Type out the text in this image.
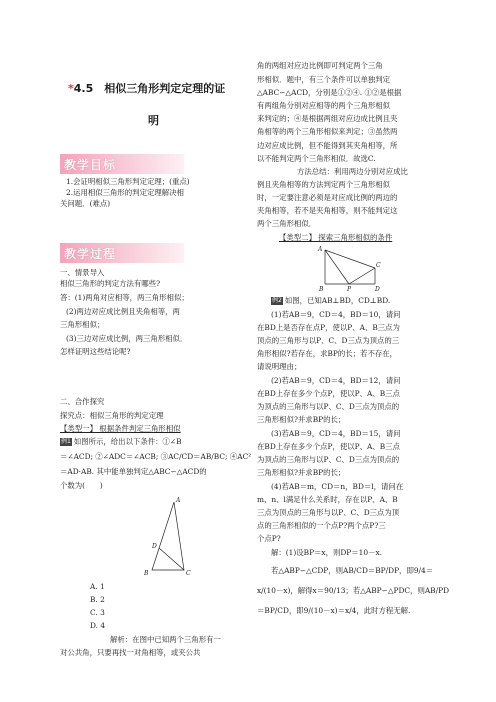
*4.5　相似三角形判定定理的证
明
教学目标
1.会证明相似三角形判定定理；(重点)
2.运用相似三角形的判定定理解决相
关问题．(难点)
教学过程
一、情景导入
相似三角形的判定方法有哪些?
答：(1)两角对应相等，两三角形相似；
(2)两边对应成比例且夹角相等，两
三角形相似；
(3)三边对应成比例，两三角形相似．
怎样证明这些结论呢?
二、合作探究
探究点：相似三角形的判定定理
【类型一】 根据条件判定三角形相似
例1 如图所示，给出以下条件：①∠B
＝∠ACD; ②∠ADC＝∠ACB; ③AC/CD＝AB/BC; ④AC²
＝AD·AB. 其中能单独判定△ABC∽△ACD的
个数为(　　)
A
D
B	C
A. 1
B. 2
C. 3
D. 4
解析：在图中已知两个三角形有一
对公共角，只要再找一对角相等，或夹公共
角的两组对应边比例即可判定两个三角
形相似．题中，有三个条件可以单独判定
△ABC∽△ACD，分别是①②④. ①②是根据
有两组角分别对应相等的两个三角形相似
来判定的；④是根据两组对应边成比例且夹
角相等的两个三角形相似来判定；③虽然两
边对应成比例，但不能得到其夹角相等，所
以不能判定两个三角形相似．故选C.
方法总结：利用两边分别对应成比
例且夹角相等的方法判定两个三角形相似
时，一定要注意必须是对应成比例的两边的
夹角相等，若不是夹角相等，则不能判定这
两个三角形相似．
【类型二】 探索三角形相似的条件
A
B	P
C
D
例2 如图，已知AB⊥BD，CD⊥BD.
(1)若AB＝9，CD＝4，BD＝10，请问
在BD上是否存在点P，使以P、A、B三点为
顶点的三角形与以P、C、D三点为顶点的三
角形相似?若存在，求BP的长；若不存在，
请说明理由；
(2)若AB＝9，CD＝4，BD＝12，请问
在BD上存在多少个点P，使以P、A、B三点
为顶点的三角形与以P、C、D三点为顶点的
三角形相似?并求BP的长；
(3)若AB＝9，CD＝4，BD＝15，请问
在BD上存在多少个点P，使以P、A、B三点
为顶点的三角形与以P、C、D三点为顶点的
三角形相似?并求BP的长；
(4)若AB＝m，CD＝n，BD＝l，请问在
m、n、l满足什么关系时，存在以P、A、B
三点为顶点的三角形与以P、C、D三点为顶
点的三角形相似的一个点P?两个点P?三
个点P?
解：(1)设BP＝x，则DP＝10－x.
若△ABP∽△CDP，则AB/CD＝BP/DP，即9/4＝
x/(10－x)，解得x＝90/13；若△ABP∽△PDC，则AB/PD
＝BP/CD，即9/(10－x)＝x/4，此时方程无解.
